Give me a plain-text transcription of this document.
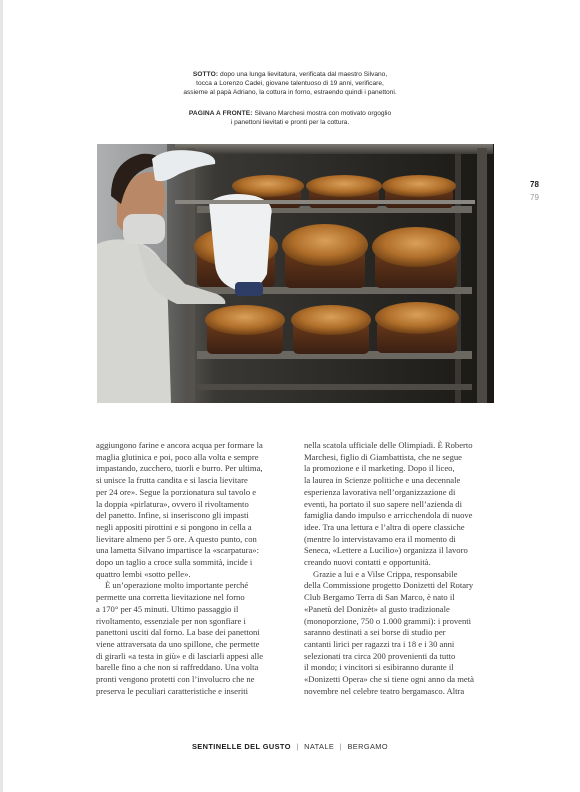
SOTTO: dopo una lunga lievitatura, verificata dal maestro Silvano,
tocca a Lorenzo Cadei, giovane talentuoso di 19 anni, verificare,
assieme al papà Adriano, la cottura in forno, estraendo quindi i panettoni.
PAGINA A FRONTE: Silvano Marchesi mostra con motivato orgoglio
i panettoni lievitati e pronti per la cottura.
78
79
aggiungono farine e ancora acqua per formare la
maglia glutinica e poi, poco alla volta e sempre
impastando, zucchero, tuorli e burro. Per ultima,
si unisce la frutta candita e si lascia lievitare
per 24 ore». Segue la porzionatura sul tavolo e
la doppia «pirlatura», ovvero il rivoltamento
del panetto. Infine, si inseriscono gli impasti
negli appositi pirottini e si pongono in cella a
lievitare almeno per 5 ore. A questo punto, con
una lametta Silvano impartisce la «scarpatura»:
dopo un taglio a croce sulla sommità, incide i
quattro lembi «sotto pelle».
È un’operazione molto importante perché
permette una corretta lievitazione nel forno
a 170° per 45 minuti. Ultimo passaggio il
rivoltamento, essenziale per non sgonfiare i
panettoni usciti dal forno. La base dei panettoni
viene attraversata da uno spillone, che permette
di girarli «a testa in giù» e di lasciarli appesi alle
barelle fino a che non si raffreddano. Una volta
pronti vengono protetti con l’involucro che ne
preserva le peculiari caratteristiche e inseriti
nella scatola ufficiale delle Olimpiadi. È Roberto
Marchesi, figlio di Giambattista, che ne segue
la promozione e il marketing. Dopo il liceo,
la laurea in Scienze politiche e una decennale
esperienza lavorativa nell’organizzazione di
eventi, ha portato il suo sapere nell’azienda di
famiglia dando impulso e arricchendola di nuove
idee. Tra una lettura e l’altra di opere classiche
(mentre lo intervistavamo era il momento di
Seneca, «Lettere a Lucilio») organizza il lavoro
creando nuovi contatti e opportunità.
Grazie a lui e a Vilse Crippa, responsabile
della Commissione progetto Donizetti del Rotary
Club Bergamo Terra di San Marco, è nato il
«Panetù del Donizèt» al gusto tradizionale
(monoporzione, 750 o 1.000 grammi): i proventi
saranno destinati a sei borse di studio per
cantanti lirici per ragazzi tra i 18 e i 30 anni
selezionati tra circa 200 provenienti da tutto
il mondo; i vincitori si esibiranno durante il
«Donizetti Opera» che si tiene ogni anno da metà
novembre nel celebre teatro bergamasco. Altra
SENTINELLE DEL GUSTO | NATALE | BERGAMO
